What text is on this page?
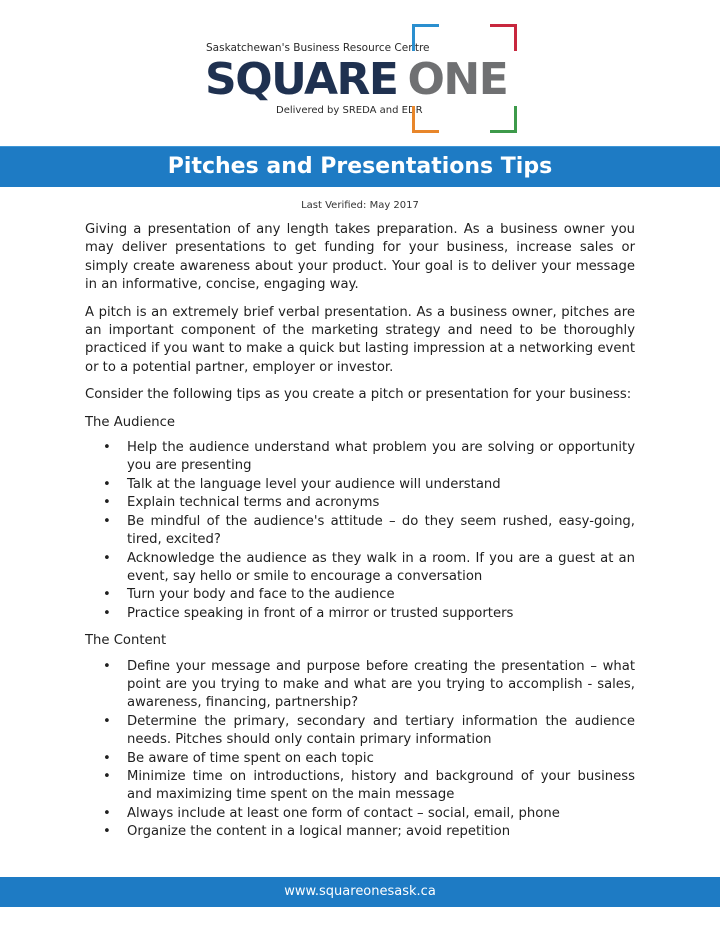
Saskatchewan's Business Resource Centre
SQUARE ONE
Delivered by SREDA and EDR
Pitches and Presentations Tips
Last Verified: May 2017

Giving a presentation of any length takes preparation. As a business owner you may deliver presentations to get funding for your business, increase sales or simply create awareness about your product. Your goal is to deliver your message in an informative, concise, engaging way.

A pitch is an extremely brief verbal presentation. As a business owner, pitches are an important component of the marketing strategy and need to be thoroughly practiced if you want to make a quick but lasting impression at a networking event or to a potential partner, employer or investor.

Consider the following tips as you create a pitch or presentation for your business:

The Audience
• Help the audience understand what problem you are solving or opportunity you are presenting
• Talk at the language level your audience will understand
• Explain technical terms and acronyms
• Be mindful of the audience's attitude – do they seem rushed, easy-going, tired, excited?
• Acknowledge the audience as they walk in a room. If you are a guest at an event, say hello or smile to encourage a conversation
• Turn your body and face to the audience
• Practice speaking in front of a mirror or trusted supporters
The Content
• Define your message and purpose before creating the presentation – what point are you trying to make and what are you trying to accomplish - sales, awareness, financing, partnership?
• Determine the primary, secondary and tertiary information the audience needs. Pitches should only contain primary information
• Be aware of time spent on each topic
• Minimize time on introductions, history and background of your business and maximizing time spent on the main message
• Always include at least one form of contact – social, email, phone
• Organize the content in a logical manner; avoid repetition
www.squareonesask.ca
